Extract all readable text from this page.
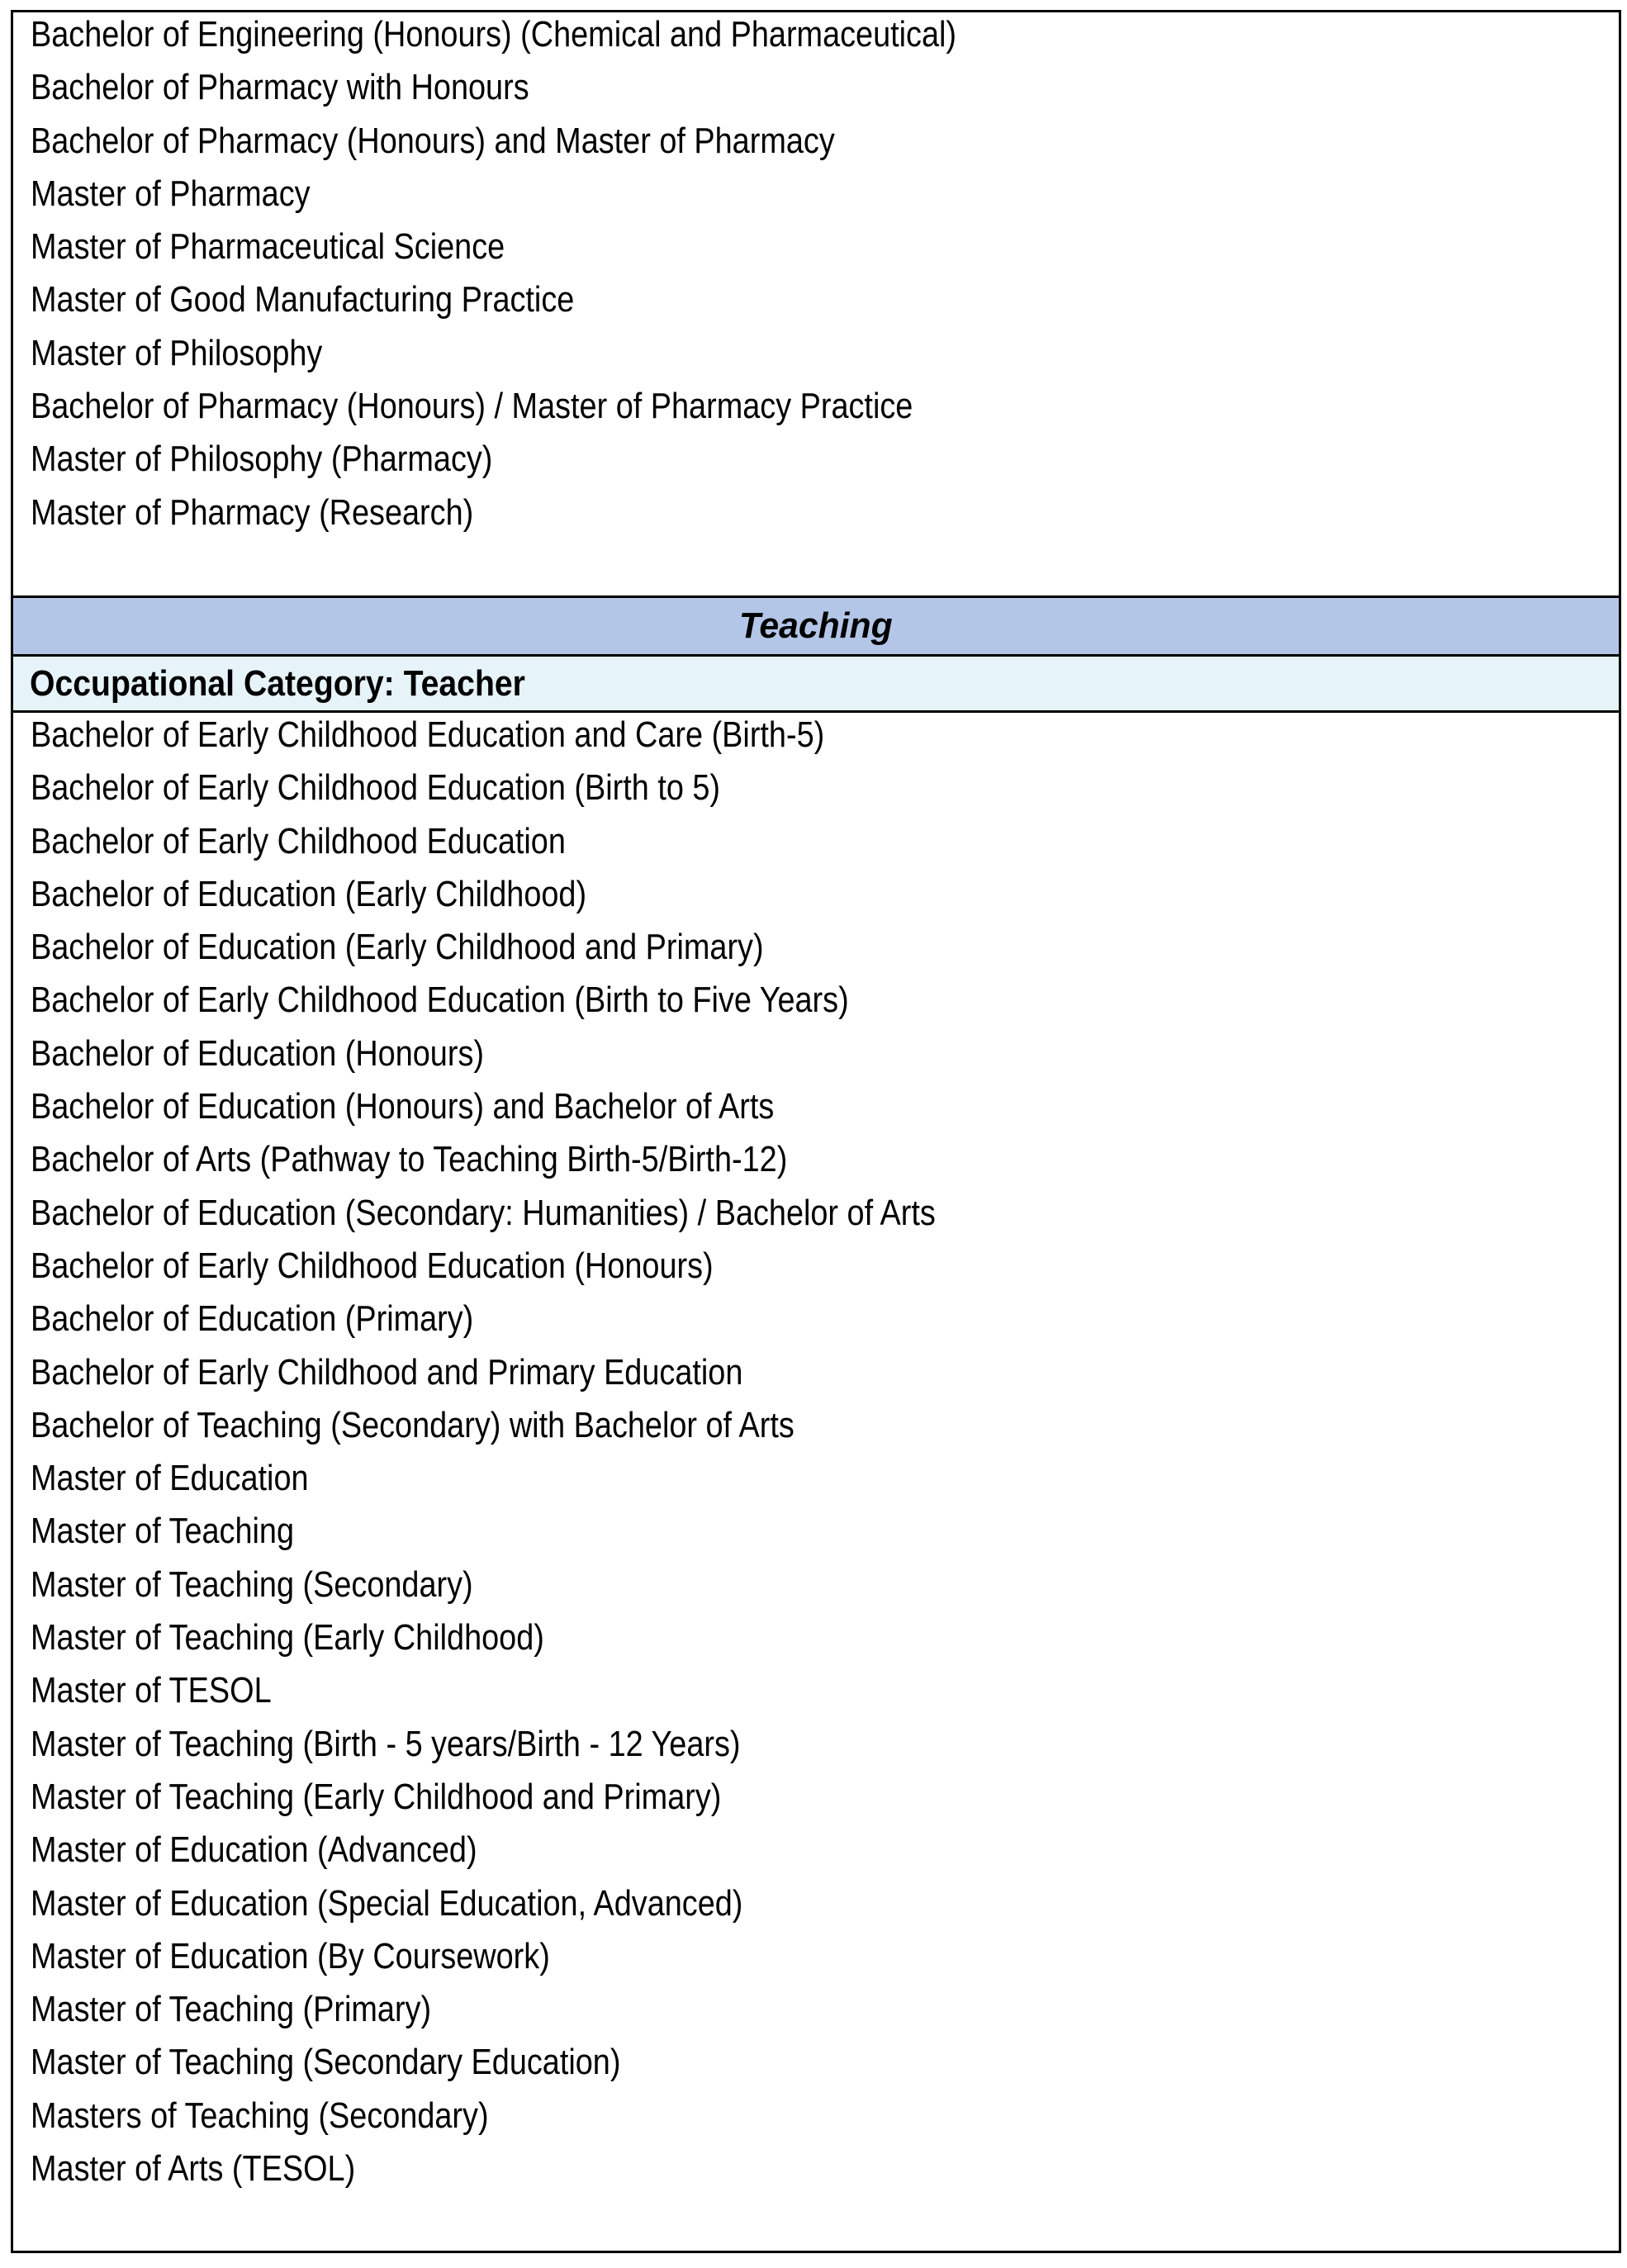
Bachelor of Engineering (Honours) (Chemical and Pharmaceutical)
Bachelor of Pharmacy with Honours
Bachelor of Pharmacy (Honours) and Master of Pharmacy
Master of Pharmacy
Master of Pharmaceutical Science
Master of Good Manufacturing Practice
Master of Philosophy
Bachelor of Pharmacy (Honours) / Master of Pharmacy Practice
Master of Philosophy (Pharmacy)
Master of Pharmacy (Research)
Teaching
Occupational Category: Teacher
Bachelor of Early Childhood Education and Care (Birth-5)
Bachelor of Early Childhood Education (Birth to 5)
Bachelor of Early Childhood Education
Bachelor of Education (Early Childhood)
Bachelor of Education (Early Childhood and Primary)
Bachelor of Early Childhood Education (Birth to Five Years)
Bachelor of Education (Honours)
Bachelor of Education (Honours) and Bachelor of Arts
Bachelor of Arts (Pathway to Teaching Birth-5/Birth-12)
Bachelor of Education (Secondary: Humanities) / Bachelor of Arts
Bachelor of Early Childhood Education (Honours)
Bachelor of Education (Primary)
Bachelor of Early Childhood and Primary Education
Bachelor of Teaching (Secondary) with Bachelor of Arts
Master of Education
Master of Teaching
Master of Teaching (Secondary)
Master of Teaching (Early Childhood)
Master of TESOL
Master of Teaching (Birth - 5 years/Birth - 12 Years)
Master of Teaching (Early Childhood and Primary)
Master of Education (Advanced)
Master of Education (Special Education, Advanced)
Master of Education (By Coursework)
Master of Teaching (Primary)
Master of Teaching (Secondary Education)
Masters of Teaching (Secondary)
Master of Arts (TESOL)
